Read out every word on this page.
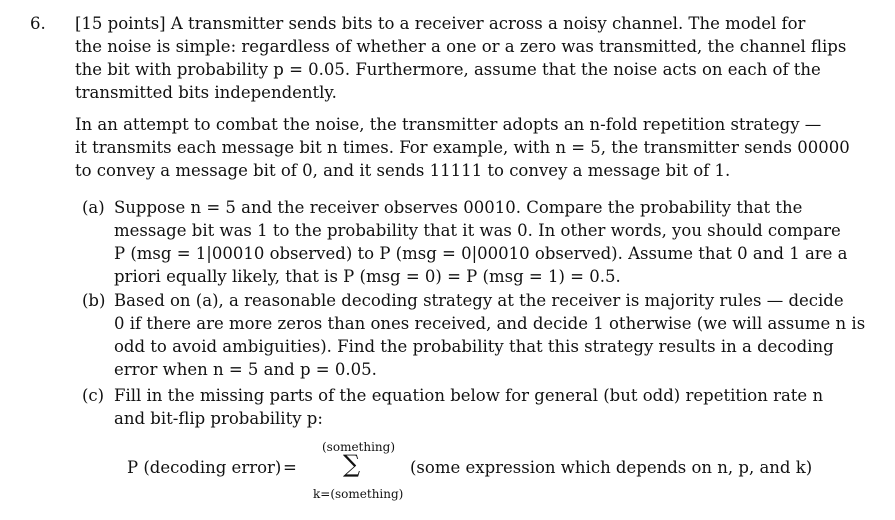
6. [15 points] A transmitter sends bits to a receiver across a noisy channel. The model for
the noise is simple: regardless of whether a one or a zero was transmitted, the channel flips
the bit with probability p = 0.05. Furthermore, assume that the noise acts on each of the
transmitted bits independently.
In an attempt to combat the noise, the transmitter adopts an n-fold repetition strategy —
it transmits each message bit n times. For example, with n = 5, the transmitter sends 00000
to convey a message bit of 0, and it sends 11111 to convey a message bit of 1.
(a) Suppose n = 5 and the receiver observes 00010. Compare the probability that the
message bit was 1 to the probability that it was 0. In other words, you should compare
P (msg = 1|00010 observed) to P (msg = 0|00010 observed). Assume that 0 and 1 are a
priori equally likely, that is P (msg = 0) = P (msg = 1) = 0.5.
(b) Based on (a), a reasonable decoding strategy at the receiver is majority rules — decide
0 if there are more zeros than ones received, and decide 1 otherwise (we will assume n is
odd to avoid ambiguities). Find the probability that this strategy results in a decoding
error when n = 5 and p = 0.05.
(c) Fill in the missing parts of the equation below for general (but odd) repetition rate n
and bit-flip probability p:
P (decoding error) =
(something)
∑
k=(something)
(some expression which depends on n, p, and k)
